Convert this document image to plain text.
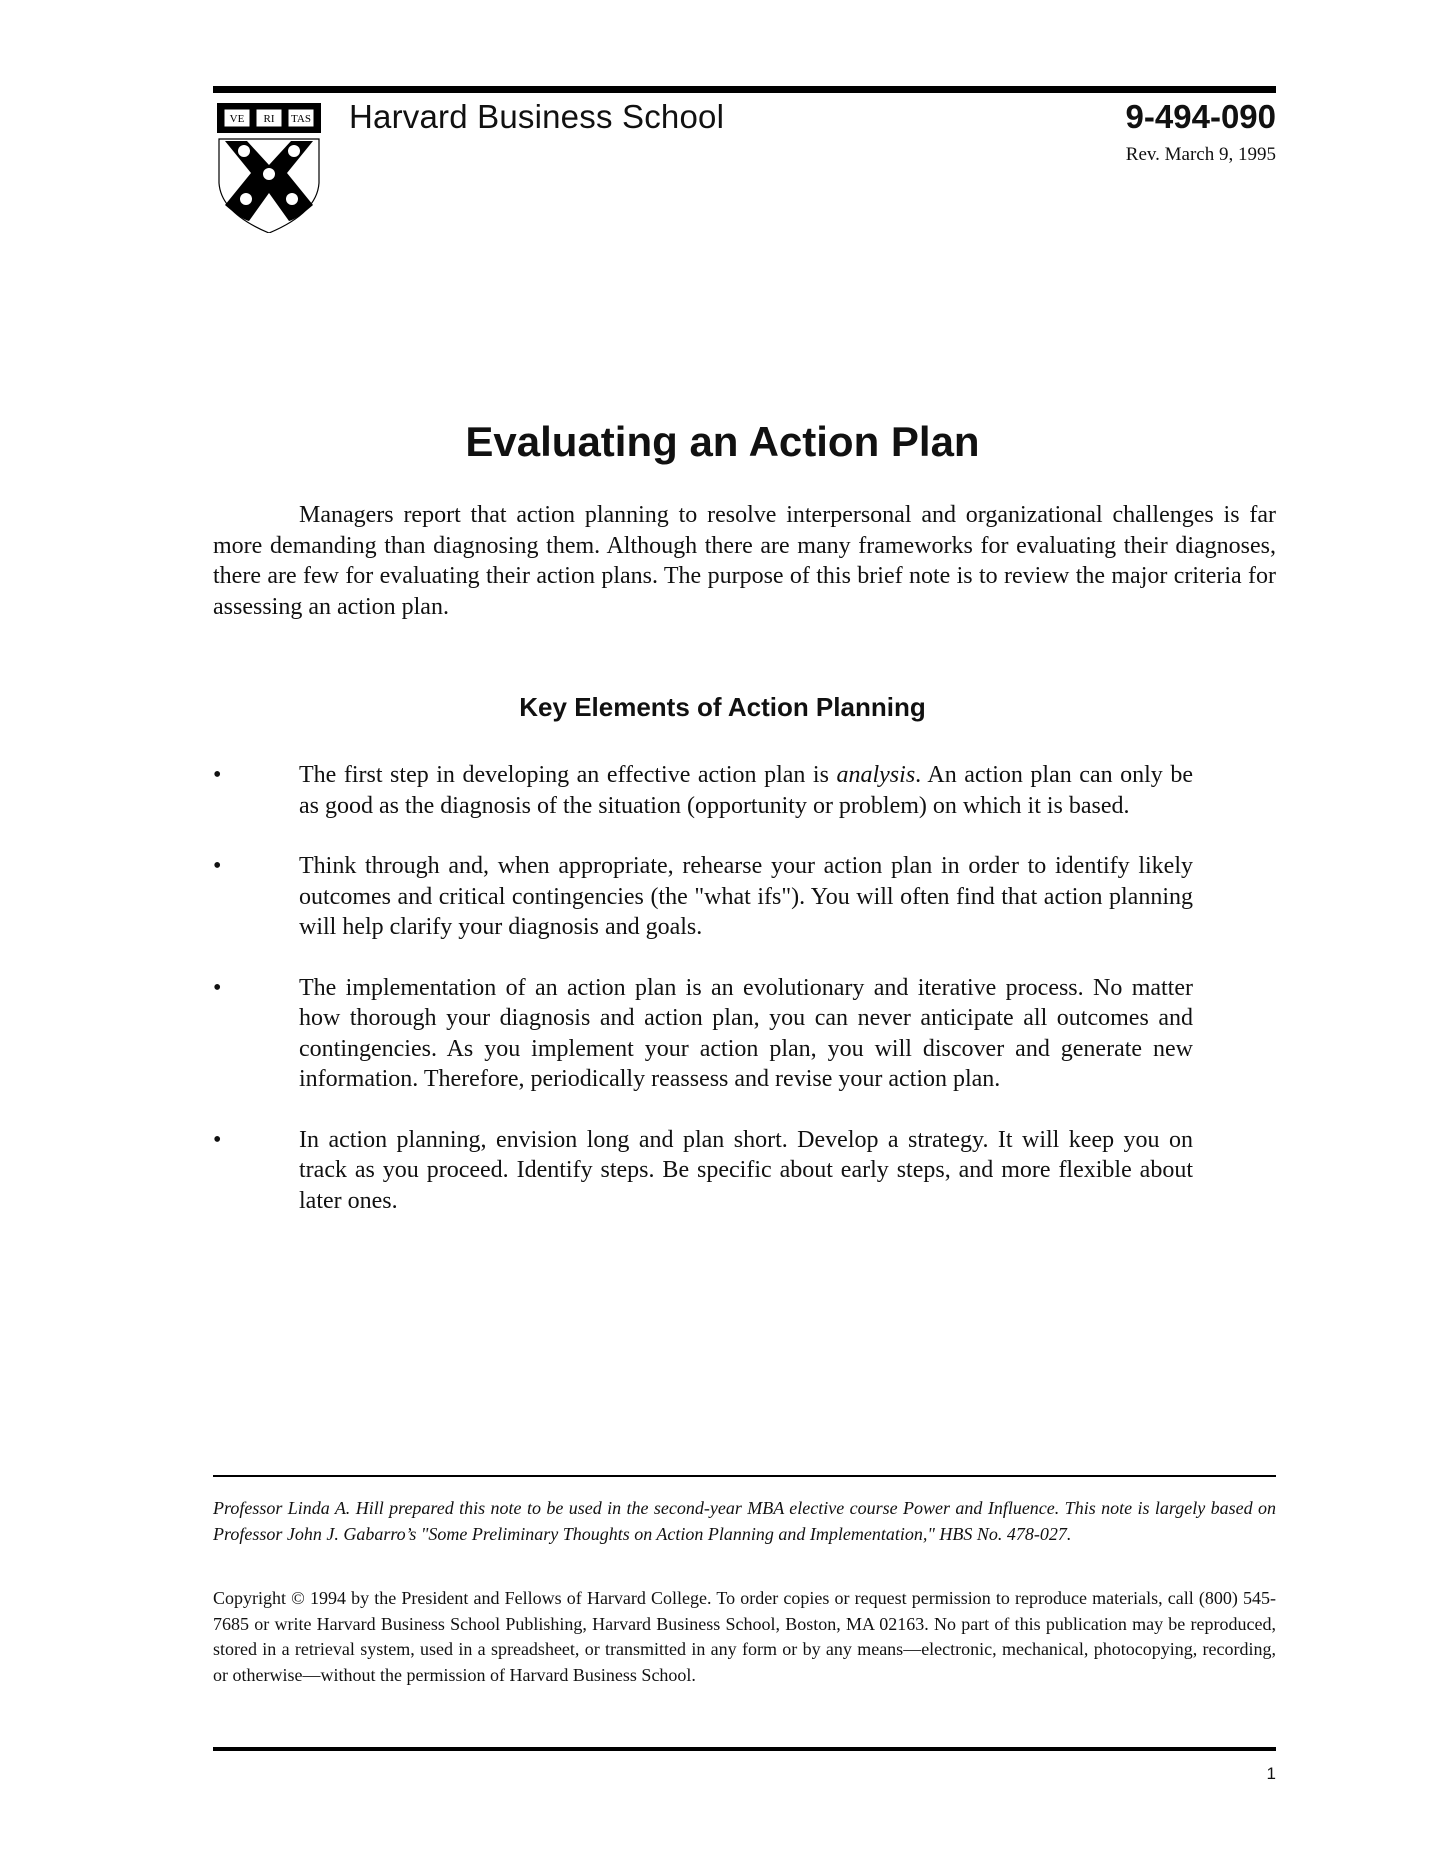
VE RI TAS Harvard Business School	9-494-090
Rev. March 9, 1995
Evaluating an Action Plan

Managers report that action planning to resolve interpersonal and organizational challenges is far more demanding than diagnosing them. Although there are many frameworks for evaluating their diagnoses, there are few for evaluating their action plans. The purpose of this brief note is to review the major criteria for assessing an action plan.

Key Elements of Action Planning
•	The first step in developing an effective action plan is analysis. An action plan can only be as good as the diagnosis of the situation (opportunity or problem) on which it is based.
•	Think through and, when appropriate, rehearse your action plan in order to identify likely outcomes and critical contingencies (the "what ifs"). You will often find that action planning will help clarify your diagnosis and goals.
•	The implementation of an action plan is an evolutionary and iterative process. No matter how thorough your diagnosis and action plan, you can never anticipate all outcomes and contingencies. As you implement your action plan, you will discover and generate new information. Therefore, periodically reassess and revise your action plan.
•	In action planning, envision long and plan short. Develop a strategy. It will keep you on track as you proceed. Identify steps. Be specific about early steps, and more flexible about later ones.

Professor Linda A. Hill prepared this note to be used in the second-year MBA elective course Power and Influence. This note is largely based on Professor John J. Gabarro’s "Some Preliminary Thoughts on Action Planning and Implementation," HBS No. 478-027.

Copyright © 1994 by the President and Fellows of Harvard College. To order copies or request permission to reproduce materials, call (800) 545-7685 or write Harvard Business School Publishing, Harvard Business School, Boston, MA 02163. No part of this publication may be reproduced, stored in a retrieval system, used in a spreadsheet, or transmitted in any form or by any means—electronic, mechanical, photocopying, recording, or otherwise—without the permission of Harvard Business School.

1
